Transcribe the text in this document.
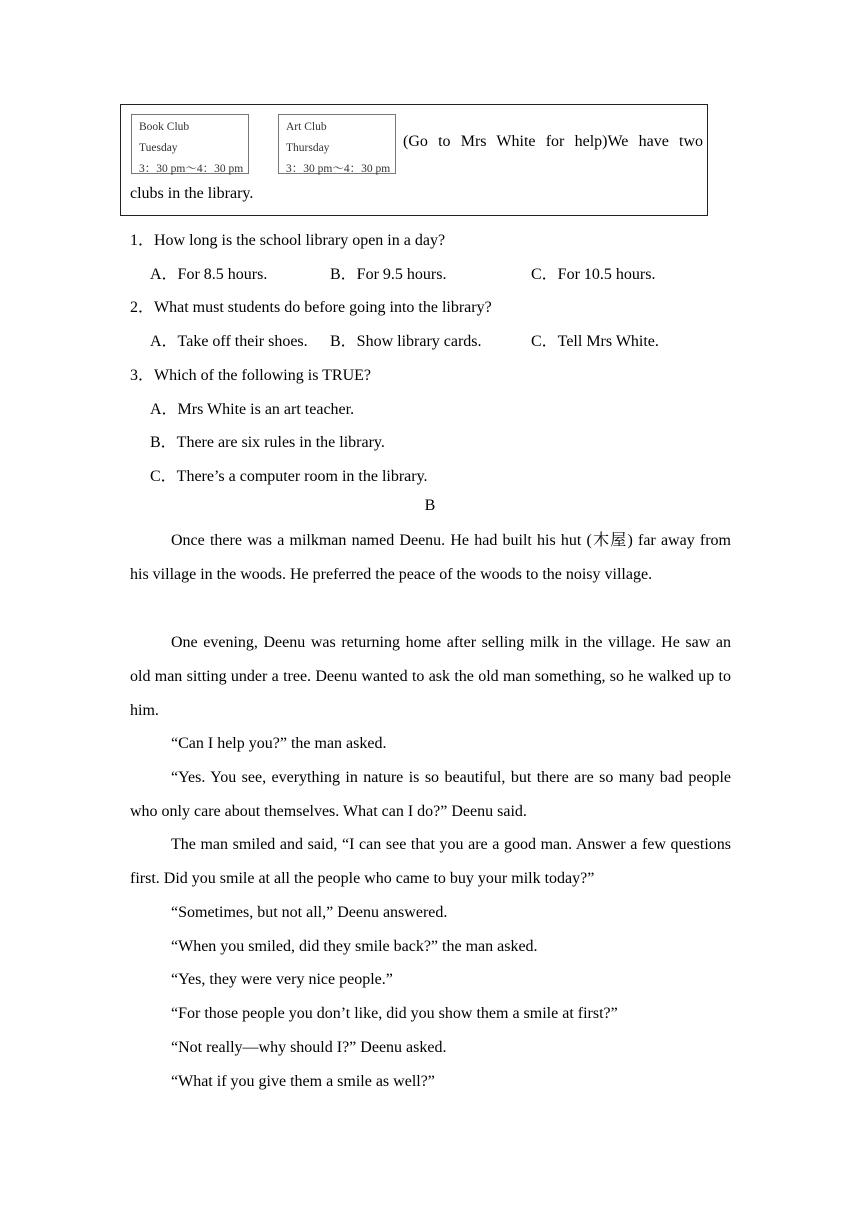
Book Club
Tuesday
3：30 pm～4：30 pm
Art Club
Thursday
3：30 pm～4：30 pm
(Go to Mrs White for help)We have two
clubs in the library.
1．How long is the school library open in a day?
A．For 8.5 hours.	B．For 9.5 hours.	C．For 10.5 hours.
2．What must students do before going into the library?
A．Take off their shoes. B．Show library cards.	C．Tell Mrs White.
3．Which of the following is TRUE?
A．Mrs White is an art teacher.
B．There are six rules in the library.
C．There’s a computer room in the library.
B
Once there was a milkman named Deenu. He had built his hut (木屋) far away from his village in the woods. He preferred the peace of the woods to the noisy village.
One evening, Deenu was returning home after selling milk in the village. He saw an old man sitting under a tree. Deenu wanted to ask the old man something, so he walked up to him.
“Can I help you?” the man asked.
“Yes. You see, everything in nature is so beautiful, but there are so many bad people who only care about themselves. What can I do?” Deenu said.
The man smiled and said, “I can see that you are a good man. Answer a few questions first. Did you smile at all the people who came to buy your milk today?”
“Sometimes, but not all,” Deenu answered.
“When you smiled, did they smile back?” the man asked.
“Yes, they were very nice people.”
“For those people you don’t like, did you show them a smile at first?”
“Not really—why should I?” Deenu asked.
“What if you give them a smile as well?”
